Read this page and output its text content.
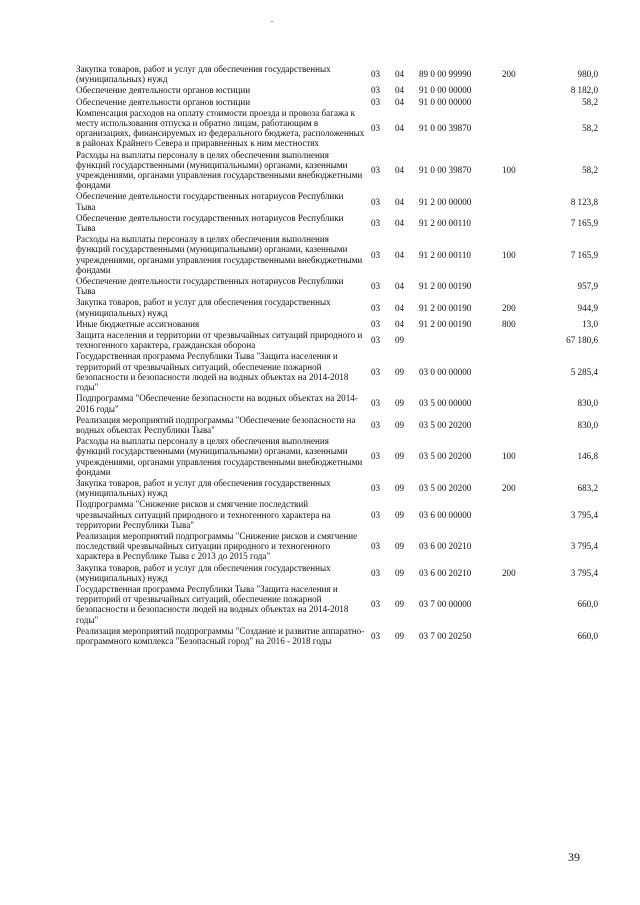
Закупка товаров, работ и услуг для обеспечения государственных (муниципальных) нужд	03	04	89 0 00 99990	200	980,0
Обеспечение деятельности органов юстиции	03	04	91 0 00 00000		8 182,0
Обеспечение деятельности органов юстиции	03	04	91 0 00 00000		58,2
Компенсация расходов на оплату стоимости проезда и провоза багажа к месту использования отпуска и обратно лицам, работающим в организациях, финансируемых из федерального бюджета, расположенных в районах Крайнего Севера и приравненных к ним местностях	03	04	91 0 00 39870		58,2
Расходы на выплаты персоналу в целях обеспечения выполнения функций государственными (муниципальными) органами, казенными учреждениями, органами управления государственными внебюджетными фондами	03	04	91 0 00 39870	100	58,2
Обеспечение деятельности государственных нотариусов Республики Тыва	03	04	91 2 00 00000		8 123,8
Обеспечение деятельности государственных нотариусов Республики Тыва	03	04	91 2 00 00110		7 165,9
Расходы на выплаты персоналу в целях обеспечения выполнения функций государственными (муниципальными) органами, казенными учреждениями, органами управления государственными внебюджетными фондами	03	04	91 2 00 00110	100	7 165,9
Обеспечение деятельности государственных нотариусов Республики Тыва	03	04	91 2 00 00190		957,9
Закупка товаров, работ и услуг для обеспечения государственных (муниципальных) нужд	03	04	91 2 00 00190	200	944,9
Иные бюджетные ассигнования	03	04	91 2 00 00190	800	13,0
Защита населения и территории от чрезвычайных ситуаций природного и техногенного характера, гражданская оборона	03	09			67 180,6
Государственная программа Республики Тыва "Защита населения и территорий от чрезвычайных ситуаций, обеспечение пожарной безопасности и безопасности людей на водных объектах на 2014-2018 годы"	03	09	03 0 00 00000		5 285,4
Подпрограмма "Обеспечение безопасности на водных объектах на 2014-2016 годы"	03	09	03 5 00 00000		830,0
Реализация мероприятий подпрограммы "Обеспечение безопасности на водных объектах Республики Тыва"	03	09	03 5 00 20200		830,0
Расходы на выплаты персоналу в целях обеспечения выполнения функций государственными (муниципальными) органами, казенными учреждениями, органами управления государственными внебюджетными фондами	03	09	03 5 00 20200	100	146,8
Закупка товаров, работ и услуг для обеспечения государственных (муниципальных) нужд	03	09	03 5 00 20200	200	683,2
Подпрограмма "Снижение рисков и смягчение последствий чрезвычайных ситуаций природного и техногенного характера на территории Республики Тыва"	03	09	03 6 00 00000		3 795,4
Реализация мероприятий подпрограммы "Снижение рисков и смягчение последствий чрезвычайных ситуации природного и техногенного характера в Республике Тыва с 2013 до 2015 года"	03	09	03 6 00 20210		3 795,4
Закупка товаров, работ и услуг для обеспечения государственных (муниципальных) нужд	03	09	03 6 00 20210	200	3 795,4
Государственная программа Республики Тыва "Защита населения и территорий от чрезвычайных ситуаций, обеспечение пожарной безопасности и безопасности людей на водных объектах на 2014-2018 годы"	03	09	03 7 00 00000		660,0
Реализация мероприятий подпрограммы "Создание и развитие аппаратно-программного комплекса "Безопасный город" на 2016 - 2018 годы	03	09	03 7 00 20250		660,0
39
